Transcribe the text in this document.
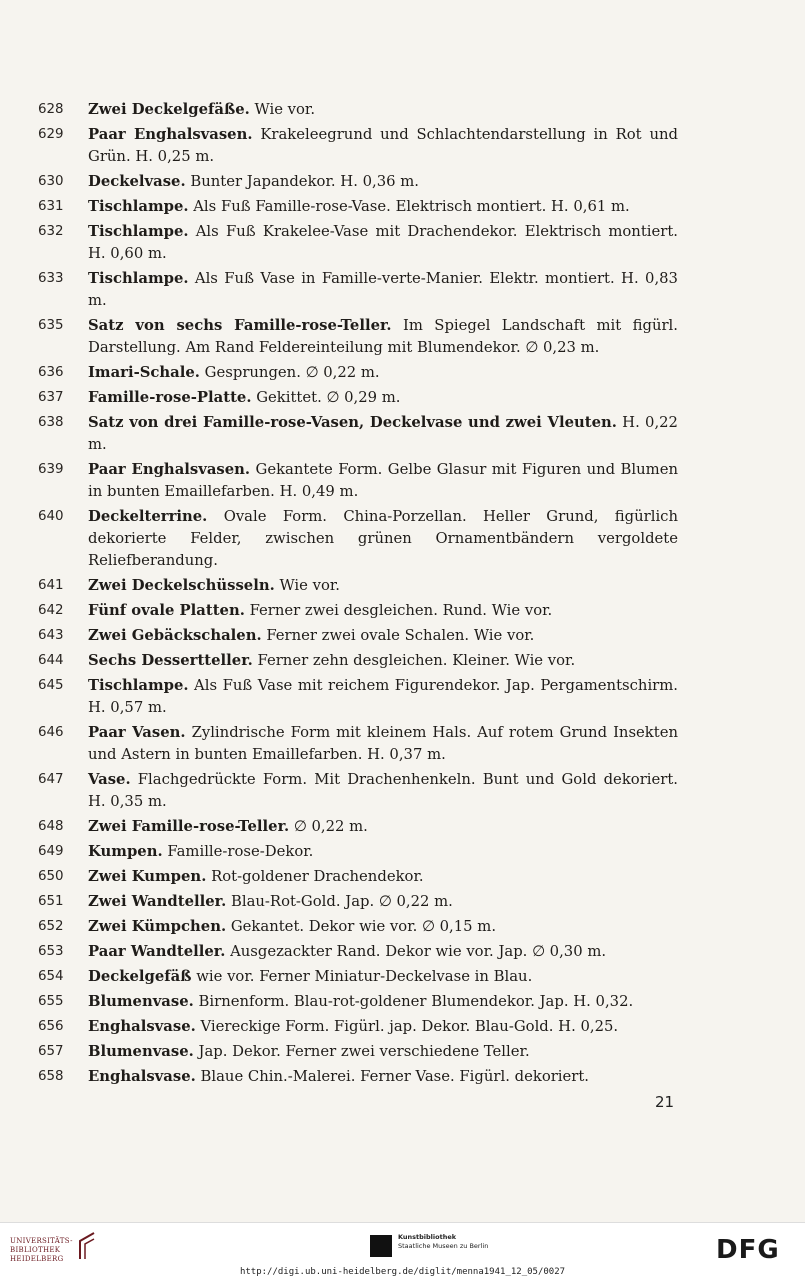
628	Zwei Deckelgefäße. Wie vor.
629	Paar Enghalsvasen. Krakeleegrund und Schlachtendarstellung in Rot und Grün. H. 0,25 m.
630	Deckelvase. Bunter Japandekor. H. 0,36 m.
631	Tischlampe. Als Fuß Famille-rose-Vase. Elektrisch montiert. H. 0,61 m.
632	Tischlampe. Als Fuß Krakelee-Vase mit Drachendekor. Elektrisch montiert. H. 0,60 m.
633	Tischlampe. Als Fuß Vase in Famille-verte-Manier. Elektr. montiert. H. 0,83 m.
635	Satz von sechs Famille-rose-Teller. Im Spiegel Landschaft mit figürl. Darstellung. Am Rand Feldereinteilung mit Blumendekor. ∅ 0,23 m.
636	Imari-Schale. Gesprungen. ∅ 0,22 m.
637	Famille-rose-Platte. Gekittet. ∅ 0,29 m.
638	Satz von drei Famille-rose-Vasen, Deckelvase und zwei Vleuten. H. 0,22 m.
639	Paar Enghalsvasen. Gekantete Form. Gelbe Glasur mit Figuren und Blumen in bunten Emaillefarben. H. 0,49 m.
640	Deckelterrine. Ovale Form. China-Porzellan. Heller Grund, figürlich dekorierte Felder, zwischen grünen Ornamentbändern vergoldete Reliefberandung.
641	Zwei Deckelschüsseln. Wie vor.
642	Fünf ovale Platten. Ferner zwei desgleichen. Rund. Wie vor.
643	Zwei Gebäckschalen. Ferner zwei ovale Schalen. Wie vor.
644	Sechs Dessertteller. Ferner zehn desgleichen. Kleiner. Wie vor.
645	Tischlampe. Als Fuß Vase mit reichem Figurendekor. Jap. Pergamentschirm. H. 0,57 m.
646	Paar Vasen. Zylindrische Form mit kleinem Hals. Auf rotem Grund Insekten und Astern in bunten Emaillefarben. H. 0,37 m.
647	Vase. Flachgedrückte Form. Mit Drachenhenkeln. Bunt und Gold dekoriert. H. 0,35 m.
648	Zwei Famille-rose-Teller. ∅ 0,22 m.
649	Kumpen. Famille-rose-Dekor.
650	Zwei Kumpen. Rot-goldener Drachendekor.
651	Zwei Wandteller. Blau-Rot-Gold. Jap. ∅ 0,22 m.
652	Zwei Kümpchen. Gekantet. Dekor wie vor. ∅ 0,15 m.
653	Paar Wandteller. Ausgezackter Rand. Dekor wie vor. Jap. ∅ 0,30 m.
654	Deckelgefäß wie vor. Ferner Miniatur-Deckelvase in Blau.
655	Blumenvase. Birnenform. Blau-rot-goldener Blumendekor. Jap. H. 0,32.
656	Enghalsvase. Viereckige Form. Figürl. jap. Dekor. Blau-Gold. H. 0,25.
657	Blumenvase. Jap. Dekor. Ferner zwei verschiedene Teller.
658	Enghalsvase. Blaue Chin.-Malerei. Ferner Vase. Figürl. dekoriert.
21
UNIVERSITÄTS-
BIBLIOTHEK
HEIDELBERG
Kunstbibliothek
Staatliche Museen zu Berlin	DFG
http://digi.ub.uni-heidelberg.de/diglit/menna1941_12_05/0027
